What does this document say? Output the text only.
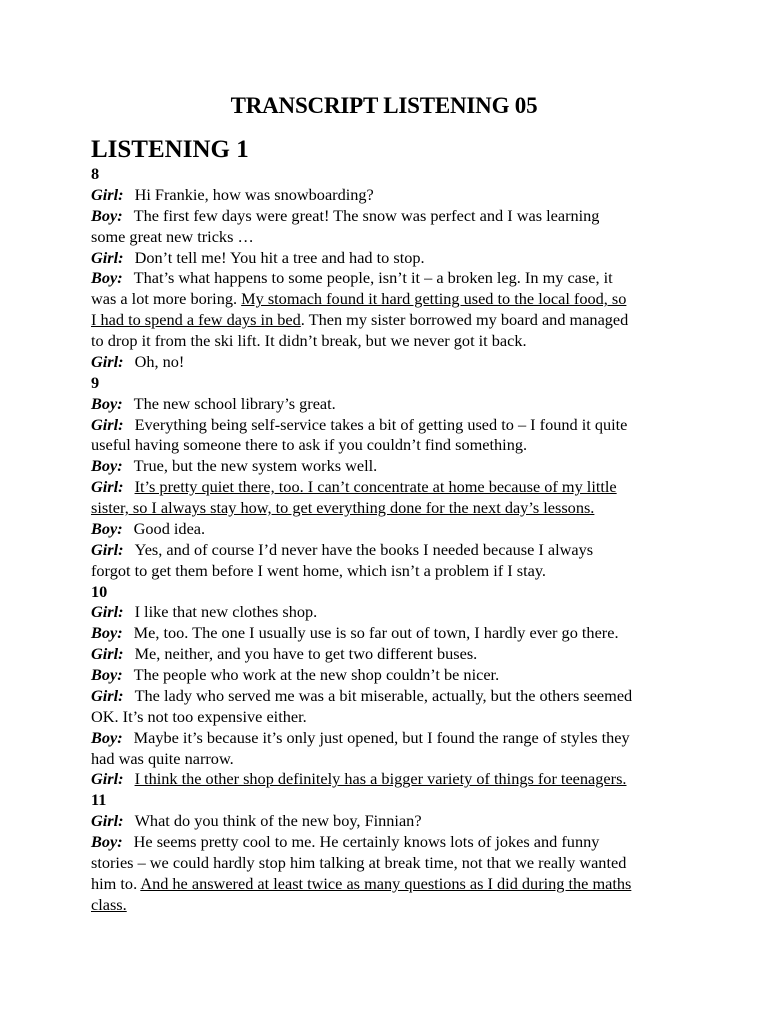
TRANSCRIPT LISTENING 05
LISTENING 1
8
Girl: Hi Frankie, how was snowboarding?
Boy: The first few days were great! The snow was perfect and I was learning
some great new tricks …
Girl: Don’t tell me! You hit a tree and had to stop.
Boy: That’s what happens to some people, isn’t it – a broken leg. In my case, it
was a lot more boring. My stomach found it hard getting used to the local food, so
I had to spend a few days in bed. Then my sister borrowed my board and managed
to drop it from the ski lift. It didn’t break, but we never got it back.
Girl: Oh, no!
9
Boy: The new school library’s great.
Girl: Everything being self-service takes a bit of getting used to – I found it quite
useful having someone there to ask if you couldn’t find something.
Boy: True, but the new system works well.
Girl: It’s pretty quiet there, too. I can’t concentrate at home because of my little
sister, so I always stay how, to get everything done for the next day’s lessons.
Boy: Good idea.
Girl: Yes, and of course I’d never have the books I needed because I always
forgot to get them before I went home, which isn’t a problem if I stay.
10
Girl: I like that new clothes shop.
Boy: Me, too. The one I usually use is so far out of town, I hardly ever go there.
Girl: Me, neither, and you have to get two different buses.
Boy: The people who work at the new shop couldn’t be nicer.
Girl: The lady who served me was a bit miserable, actually, but the others seemed
OK. It’s not too expensive either.
Boy: Maybe it’s because it’s only just opened, but I found the range of styles they
had was quite narrow.
Girl: I think the other shop definitely has a bigger variety of things for teenagers.
11
Girl: What do you think of the new boy, Finnian?
Boy: He seems pretty cool to me. He certainly knows lots of jokes and funny
stories – we could hardly stop him talking at break time, not that we really wanted
him to. And he answered at least twice as many questions as I did during the maths
class.
